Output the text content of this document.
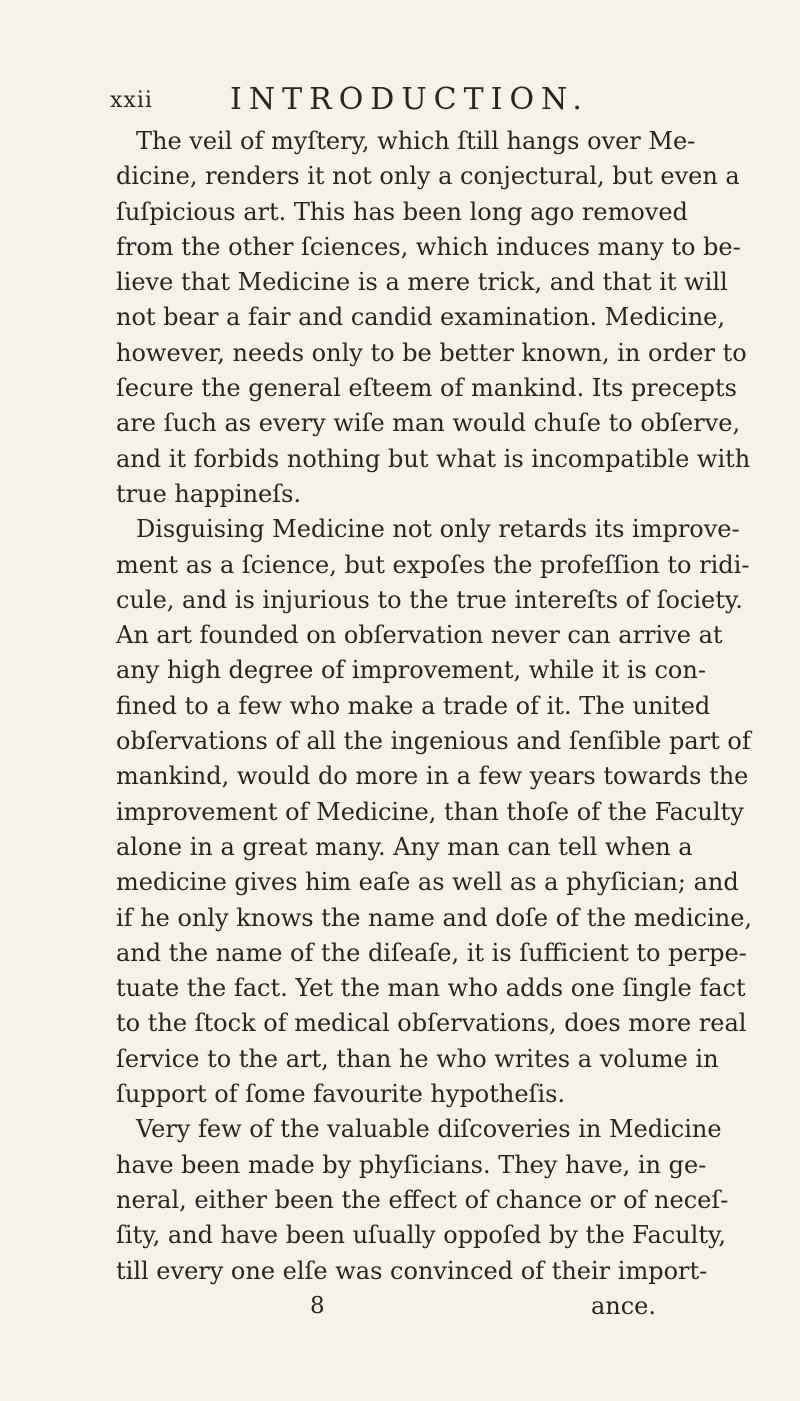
xxii	INTRODUCTION.
The veil of myſtery, which ſtill hangs over Me-
dicine, renders it not only a conjectural, but even a
ſuſpicious art. This has been long ago removed
from the other ſciences, which induces many to be-
lieve that Medicine is a mere trick, and that it will
not bear a fair and candid examination. Medicine,
however, needs only to be better known, in order to
ſecure the general eſteem of mankind. Its precepts
are ſuch as every wiſe man would chuſe to obſerve,
and it forbids nothing but what is incompatible with
true happineſs.
Disguising Medicine not only retards its improve-
ment as a ſcience, but expoſes the profeſſion to ridi-
cule, and is injurious to the true intereſts of ſociety.
An art founded on obſervation never can arrive at
any high degree of improvement, while it is con-
fined to a few who make a trade of it. The united
obſervations of all the ingenious and ſenſible part of
mankind, would do more in a few years towards the
improvement of Medicine, than thoſe of the Faculty
alone in a great many. Any man can tell when a
medicine gives him eaſe as well as a phyſician; and
if he only knows the name and doſe of the medicine,
and the name of the diſeaſe, it is ſufficient to perpe-
tuate the fact. Yet the man who adds one ſingle fact
to the ſtock of medical obſervations, does more real
ſervice to the art, than he who writes a volume in
ſupport of ſome favourite hypotheſis.
Very few of the valuable diſcoveries in Medicine
have been made by phyſicians. They have, in ge-
neral, either been the effect of chance or of neceſ-
ſity, and have been uſually oppoſed by the Faculty,
till every one elſe was convinced of their import-
8	ance.
